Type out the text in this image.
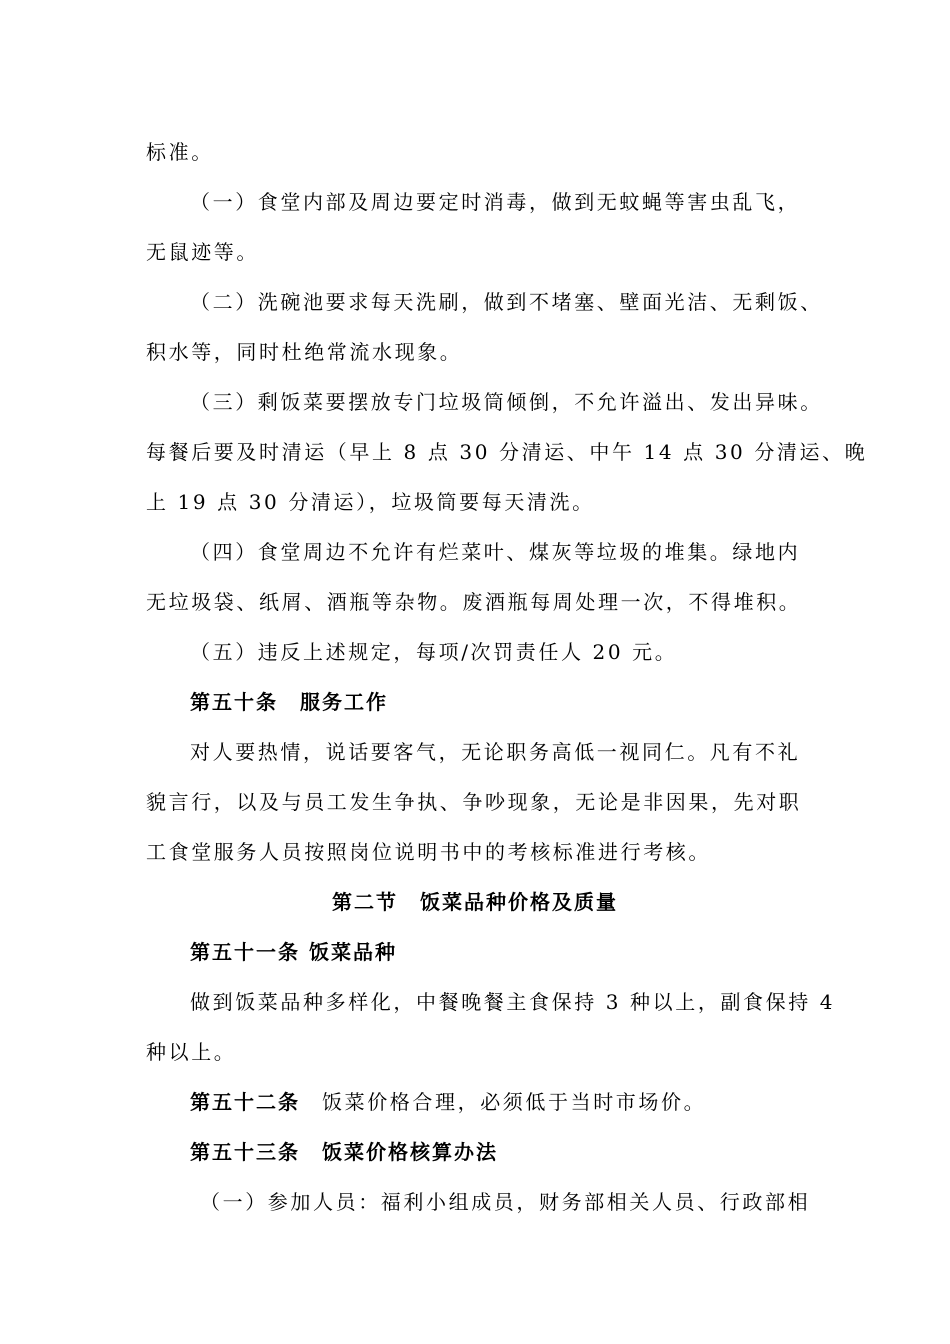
标准。
（一）食堂内部及周边要定时消毒，做到无蚊蝇等害虫乱飞，
无鼠迹等。
（二）洗碗池要求每天洗刷，做到不堵塞、壁面光洁、无剩饭、
积水等，同时杜绝常流水现象。
（三）剩饭菜要摆放专门垃圾筒倾倒，不允许溢出、发出异味。
每餐后要及时清运（早上 8 点 30 分清运、中午 14 点 30 分清运、晚
上 19 点 30 分清运），垃圾筒要每天清洗。
（四）食堂周边不允许有烂菜叶、煤灰等垃圾的堆集。绿地内
无垃圾袋、纸屑、酒瓶等杂物。废酒瓶每周处理一次，不得堆积。
（五）违反上述规定，每项/次罚责任人 20 元。
第五十条　服务工作
对人要热情，说话要客气，无论职务高低一视同仁。凡有不礼
貌言行，以及与员工发生争执、争吵现象，无论是非因果，先对职
工食堂服务人员按照岗位说明书中的考核标准进行考核。
第二节　饭菜品种价格及质量
第五十一条 饭菜品种
做到饭菜品种多样化，中餐晚餐主食保持 3 种以上，副食保持 4
种以上。
第五十二条 饭菜价格合理，必须低于当时市场价。
第五十三条 饭菜价格核算办法
（一）参加人员：福利小组成员，财务部相关人员、行政部相
